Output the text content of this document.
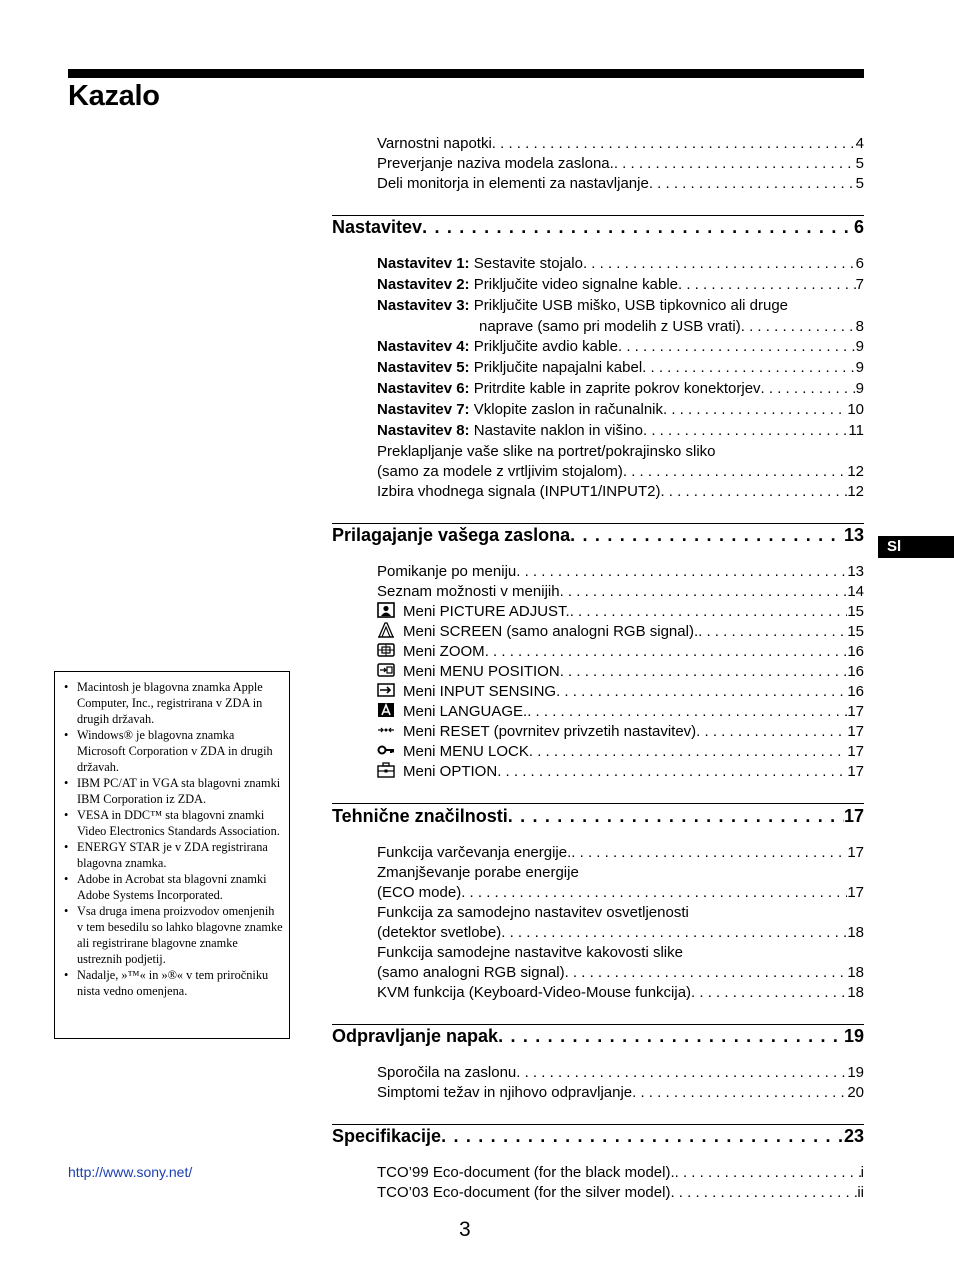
Kazalo
Varnostni napotki . . .	4
Preverjanje naziva modela zaslona. . . .	5
Deli monitorja in elementi za nastavljanje . . .	5
Nastavitev . . .	6
Nastavitev 1: Sestavite stojalo . . .	6
Nastavitev 2: Priključite video signalne kable . . .	7
Nastavitev 3: Priključite USB miško, USB tipkovnico ali druge
naprave (samo pri modelih z USB vrati) . . .	8
Nastavitev 4: Priključite avdio kable . . .	9
Nastavitev 5: Priključite napajalni kabel . . .	9
Nastavitev 6: Pritrdite kable in zaprite pokrov konektorjev . . .	9
Nastavitev 7: Vklopite zaslon in računalnik . . .	10
Nastavitev 8: Nastavite naklon in višino . . .	11
Preklapljanje vaše slike na portret/pokrajinsko sliko
(samo za modele z vrtljivim stojalom) . . .	12
Izbira vhodnega signala (INPUT1/INPUT2) . . .	12
Prilagajanje vašega zaslona . . .	13
Pomikanje po meniju . . .	13
Seznam možnosti v menijih . . .	14
Meni PICTURE ADJUST. . . .	15
Meni SCREEN (samo analogni RGB signal). . . .	15
Meni ZOOM . . .	16
Meni MENU POSITION . . .	16
Meni INPUT SENSING . . .	16
Meni LANGUAGE. . . .	17
Meni RESET (povrnitev privzetih nastavitev) . . .	17
Meni MENU LOCK . . .	17
Meni OPTION . . .	17
Tehnične značilnosti . . .	17
Funkcija varčevanja energije. . . .	17
Zmanjševanje porabe energije
(ECO mode) . . .	17
Funkcija za samodejno nastavitev osvetljenosti
(detektor svetlobe) . . .	18
Funkcija samodejne nastavitve kakovosti slike
(samo analogni RGB signal) . . .	18
KVM funkcija (Keyboard-Video-Mouse funkcija) . . .	18
Odpravljanje napak . . .	19
Sporočila na zaslonu . . .	19
Simptomi težav in njihovo odpravljanje . . .	20
Specifikacije . . .	23
TCO’99 Eco-document (for the black model). . . .	i
TCO’03 Eco-document (for the silver model) . . .	ii
• Macintosh je blagovna znamka Apple Computer, Inc., registrirana v ZDA in drugih državah.
• Windows® je blagovna znamka Microsoft Corporation v ZDA in drugih državah.
• IBM PC/AT in VGA sta blagovni znamki IBM Corporation iz ZDA.
• VESA in DDC™ sta blagovni znamki Video Electronics Standards Association.
• ENERGY STAR je v ZDA registrirana blagovna znamka.
• Adobe in Acrobat sta blagovni znamki Adobe Systems Incorporated.
• Vsa druga imena proizvodov omenjenih v tem besedilu so lahko blagovne znamke ali registrirane blagovne znamke ustreznih podjetij.
• Nadalje, »™« in »®« v tem priročniku nista vedno omenjena.
http://www.sony.net/
Sl
3
